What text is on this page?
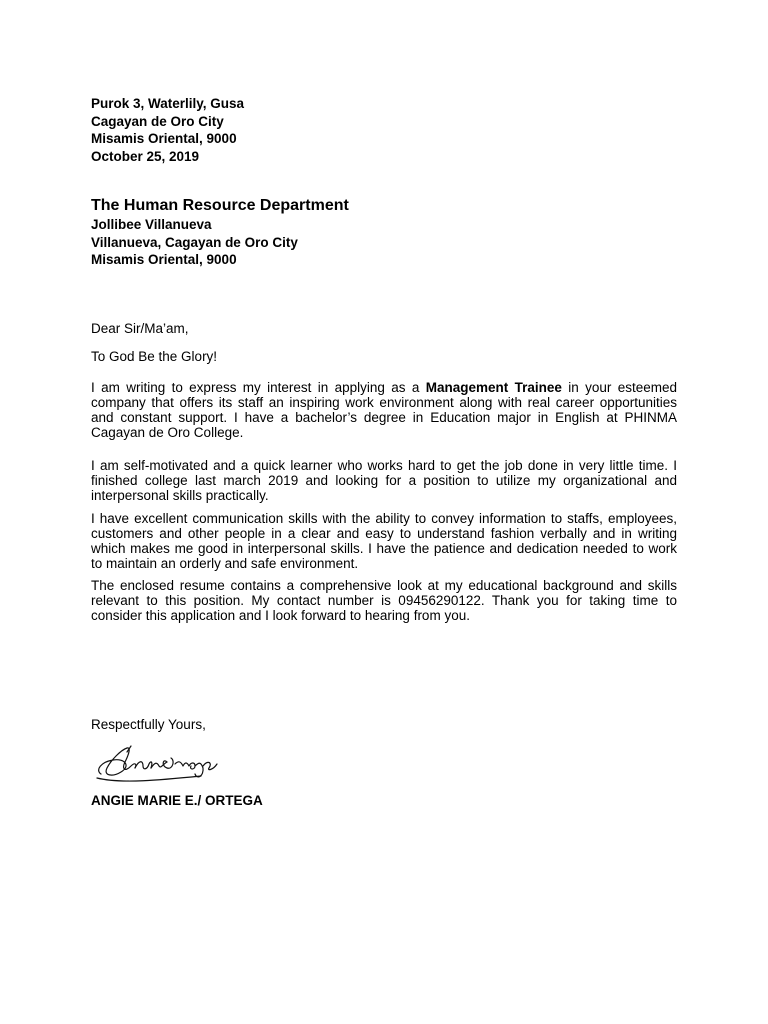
Purok 3, Waterlily, Gusa

Cagayan de Oro City

Misamis Oriental, 9000

October 25, 2019

The Human Resource Department

Jollibee Villanueva

Villanueva, Cagayan de Oro City

Misamis Oriental, 9000

Dear Sir/Ma’am,
To God Be the Glory!

I am writing to express my interest in applying as a Management Trainee in your esteemed company that offers its staff an inspiring work environment along with real career opportunities and constant support. I have a bachelor’s degree in Education major in English at PHINMA Cagayan de Oro College.

I am self-motivated and a quick learner who works hard to get the job done in very little time. I finished college last march 2019 and looking for a position to utilize my organizational and interpersonal skills practically.

I have excellent communication skills with the ability to convey information to staffs, employees, customers and other people in a clear and easy to understand fashion verbally and in writing which makes me good in interpersonal skills. I have the patience and dedication needed to work to maintain an orderly and safe environment.

The enclosed resume contains a comprehensive look at my educational background and skills relevant to this position. My contact number is 09456290122. Thank you for taking time to consider this application and I look forward to hearing from you.

Respectfully Yours,
ANGIE MARIE E./ ORTEGA
